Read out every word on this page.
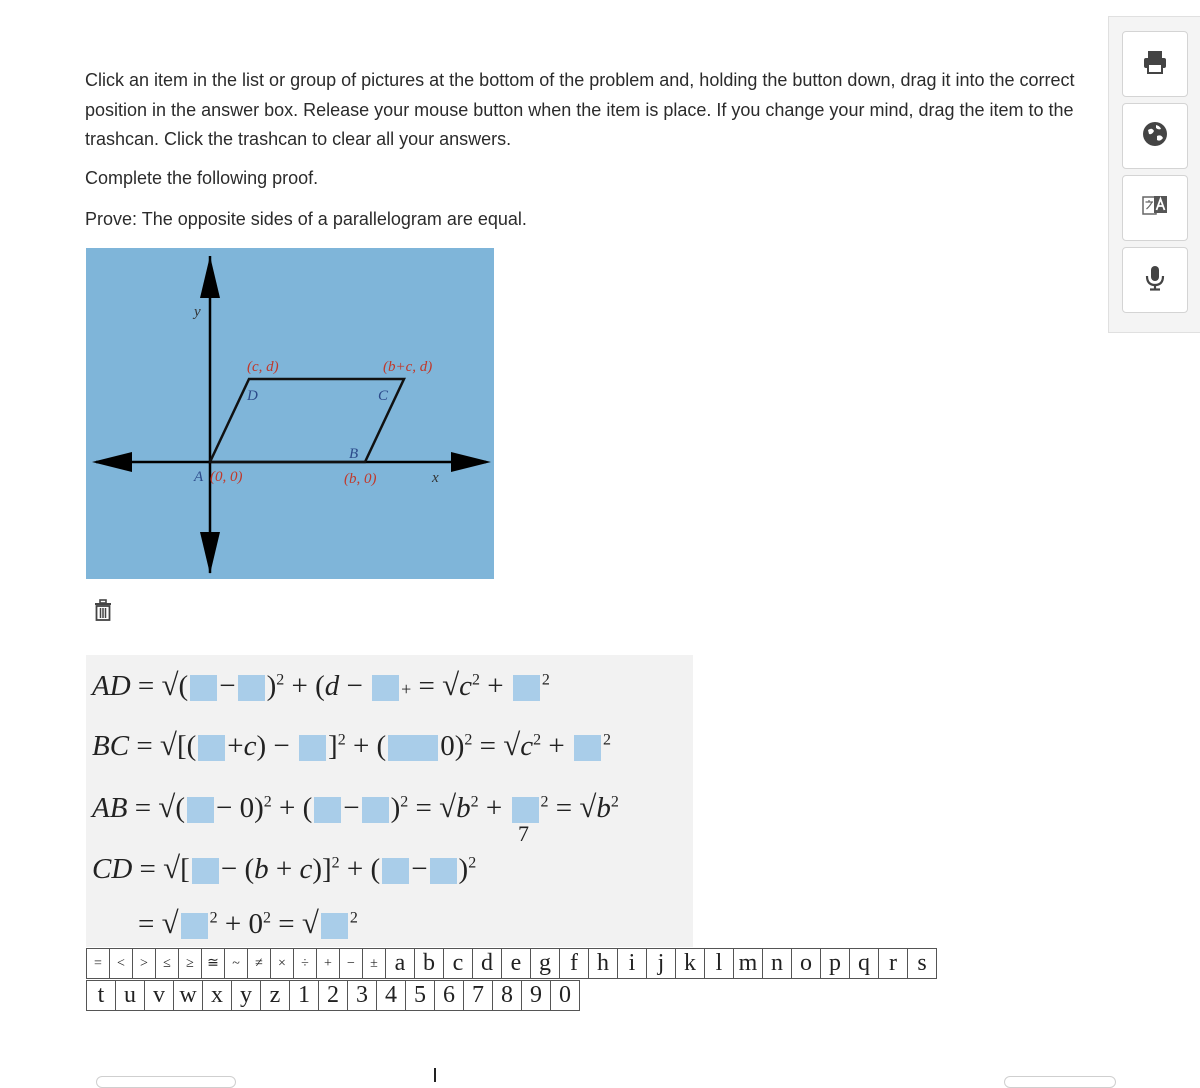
Click an item in the list or group of pictures at the bottom of the problem and, holding the button down, drag it into the correct position in the answer box. Release your mouse button when the item is place. If you change your mind, drag the item to the trashcan. Click the trashcan to clear all your answers.
Complete the following proof.
Prove: The opposite sides of a parallelogram are equal.
y
x
A (0, 0)
B
(b, 0)
C
(b+c, d)
D
(c, d)
AD = √( − )$^2$ + (d − + = $√c^2 + ^2$
BC = √[( +c) − ]$^2$ + ( $0)^2 = √c^2 + ^2$
AB = √( − 0)$^2$ + ( − )$^2 = √b^2 + ^2 = √b^2$
7
CD = √[ − (b + c)]$^2$ + ( − )$^2$
= √ $^2 + 0^2$ = √ $^2$
=	<	>	≤	≥	≅	~	≠	×	÷	+	−	±	a	b	c	d	e	g	f	h	i	j	k	l	m	n	o	p	q	r	s
t	u	v	w	x	y	z	1	2	3	4	5	6	7	8	9	0
